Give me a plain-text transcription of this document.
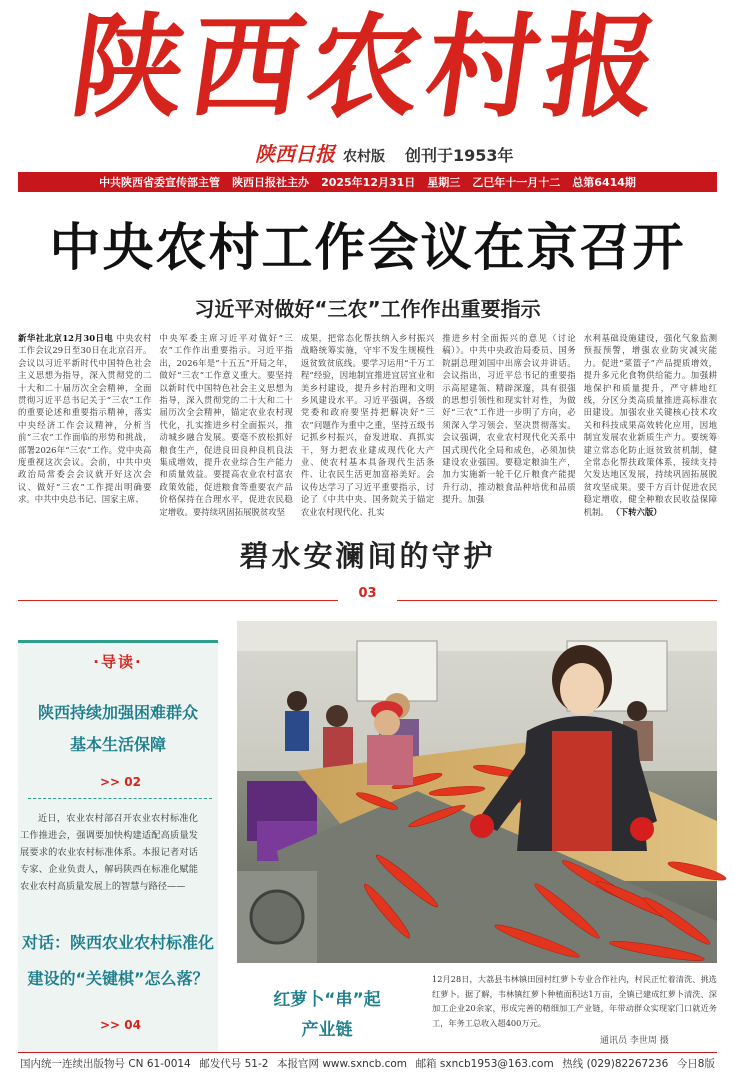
陕西农村报
陕西日报 农村版 创刊于1953年
中共陕西省委宣传部主管 陕西日报社主办 2025年12月31日 星期三 乙巳年十一月十二 总第6414期
中央农村工作会议在京召开
习近平对做好“三农”工作作出重要指示
新华社北京12月30日电 中央农村工作会议29日至30日在北京召开。会议以习近平新时代中国特色社会主义思想为指导，深入贯彻党的二十大和二十届历次全会精神，全面贯彻习近平总书记关于“三农”工作的重要论述和重要指示精神，落实中央经济工作会议精神，分析当前“三农”工作面临的形势和挑战，部署2026年“三农”工作。党中央高度重视这次会议。会前，中共中央政治局常委会会议就开好这次会议、做好“三农”工作提出明确要求。中共中央总书记、国家主席、
中央军委主席习近平对做好“三农”工作作出重要指示。习近平指出，2026年是“十五五”开局之年，做好“三农”工作意义重大。要坚持以新时代中国特色社会主义思想为指导，深入贯彻党的二十大和二十届历次全会精神，锚定农业农村现代化，扎实推进乡村全面振兴，推动城乡融合发展。要毫不放松抓好粮食生产，促进良田良种良机良法集成增效，提升农业综合生产能力和质量效益。要提高农业农村富农政策效能，促进粮食等重要农产品价格保持在合理水平，促进农民稳定增收。要持续巩固拓展脱贫攻坚
成果，把常态化帮扶纳入乡村振兴战略统筹实施，守牢不发生规模性返贫致贫底线。要学习运用“千万工程”经验，因地制宜推进宜居宜业和美乡村建设，提升乡村治理和文明乡风建设水平。习近平强调，各级党委和政府要坚持把解决好“三农”问题作为重中之重，坚持五级书记抓乡村振兴，奋发进取、真抓实干，努力把农业建成现代化大产业、使农村基本具备现代生活条件、让农民生活更加富裕美好。会议传达学习了习近平重要指示，讨论了《中共中央、国务院关于锚定农业农村现代化、扎实
推进乡村全面振兴的意见（讨论稿）》。中共中央政治局委员、国务院副总理刘国中出席会议并讲话。会议指出，习近平总书记的重要指示高屋建瓴、精辟深邃，具有很强的思想引领性和现实针对性，为做好“三农”工作进一步明了方向，必须深入学习领会、坚决贯彻落实。会议强调，农业农村现代化关系中国式现代化全局和成色，必须加快建设农业强国。要稳定粮油生产，加力实施新一轮千亿斤粮食产能提升行动，推动粮食品种培优和品质提升。加强
水利基础设施建设，强化气象监测预报预警，增强农业防灾减灾能力。促进“菜篮子”产品提质增效，提升多元化食物供给能力。加强耕地保护和质量提升，严守耕地红线，分区分类高质量推进高标准农田建设。加强农业关键核心技术攻关和科技成果高效转化应用，因地制宜发展农业新质生产力。要统筹建立常态化防止返贫致贫机制，健全常态化帮扶政策体系，接续支持欠发达地区发展，持续巩固拓展脱贫攻坚成果。要千方百计促进农民稳定增收，健全种粮农民收益保障机制。 （下转六版）
碧水安澜间的守护
03
·导读·
陕西持续加强困难群众
基本生活保障
>> 02
近日，农业农村部召开农业农村标准化工作推进会，强调要加快构建适配高质量发展要求的农业农村标准体系。本报记者对话专家、企业负责人，解码陕西在标准化赋能农业农村高质量发展上的智慧与路径——
对话：陕西农业农村标准化
建设的“关键棋”怎么落？
>> 04
红萝卜“串”起
产业链
12月28日，大荔县韦林镇田园村红萝卜专业合作社内，村民正忙着清洗、挑选红萝卜。据了解，韦林镇红萝卜种植面积达1万亩，全镇已建成红萝卜清洗、深加工企业20余家，形成完善的精细加工产业链，年带动群众实现家门口就近务工，年务工总收入超400万元。
通讯员 李世周 摄
国内统一连续出版物号 CN 61-0014 邮发代号 51-2 本报官网 www.sxncb.com 邮箱 sxncb1953@163.com 热线 (029)82267236 今日8版
